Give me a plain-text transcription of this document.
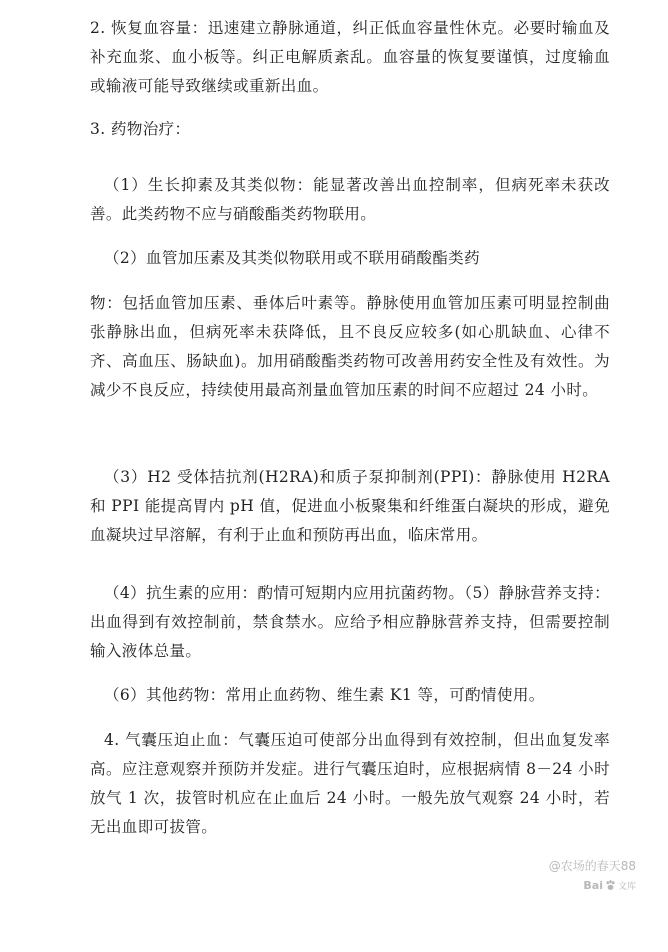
2. 恢复血容量：迅速建立静脉通道，纠正低血容量性休克。必要时输血及补充血浆、血小板等。纠正电解质紊乱。血容量的恢复要谨慎，过度输血或输液可能导致继续或重新出血。

3. 药物治疗：

（1）生长抑素及其类似物：能显著改善出血控制率，但病死率未获改善。此类药物不应与硝酸酯类药物联用。

（2）血管加压素及其类似物联用或不联用硝酸酯类药

物：包括血管加压素、垂体后叶素等。静脉使用血管加压素可明显控制曲张静脉出血，但病死率未获降低，且不良反应较多(如心肌缺血、心律不齐、高血压、肠缺血)。加用硝酸酯类药物可改善用药安全性及有效性。为减少不良反应，持续使用最高剂量血管加压素的时间不应超过 24 小时。

（3）H2 受体拮抗剂(H2RA)和质子泵抑制剂(PPI)：静脉使用 H2RA 和 PPI 能提高胃内 pH 值，促进血小板聚集和纤维蛋白凝块的形成，避免血凝块过早溶解，有利于止血和预防再出血，临床常用。

（4）抗生素的应用：酌情可短期内应用抗菌药物。（5）静脉营养支持：出血得到有效控制前，禁食禁水。应给予相应静脉营养支持，但需要控制输入液体总量。

（6）其他药物：常用止血药物、维生素 K1 等，可酌情使用。

4. 气囊压迫止血：气囊压迫可使部分出血得到有效控制，但出血复发率高。应注意观察并预防并发症。进行气囊压迫时，应根据病情 8－24 小时放气 1 次，拔管时机应在止血后 24 小时。一般先放气观察 24 小时，若无出血即可拔管。

@农场的春天88
Bai 文库
